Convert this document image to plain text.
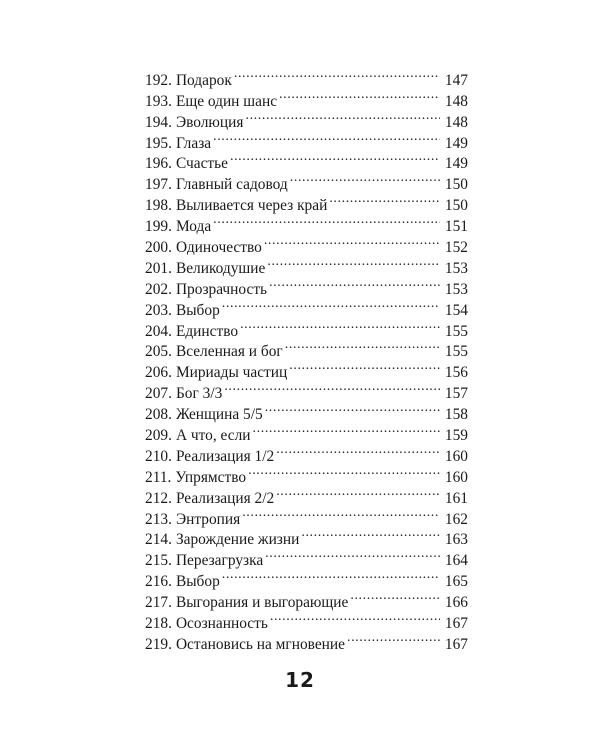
192. Подарок .....	147
193. Еще один шанс .....	148
194. Эволюция .....	148
195. Глаза .....	149
196. Счастье .....	149
197. Главный садовод .....	150
198. Выливается через край .....	150
199. Мода .....	151
200. Одиночество .....	152
201. Великодушие .....	153
202. Прозрачность .....	153
203. Выбор .....	154
204. Единство .....	155
205. Вселенная и бог .....	155
206. Мириады частиц .....	156
207. Бог 3/3 .....	157
208. Женщина 5/5 .....	158
209. А что, если .....	159
210. Реализация 1/2 .....	160
211. Упрямство .....	160
212. Реализация 2/2 .....	161
213. Энтропия .....	162
214. Зарождение жизни .....	163
215. Перезагрузка .....	164
216. Выбор .....	165
217. Выгорания и выгорающие .....	166
218. Осознанность .....	167
219. Остановись на мгновение .....	167
12
